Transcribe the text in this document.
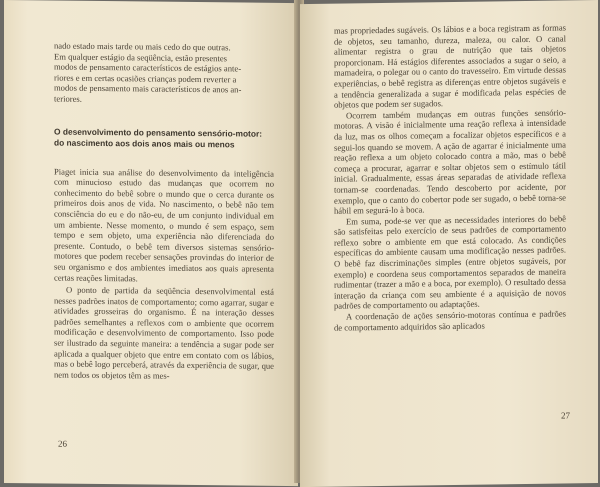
nado estado mais tarde ou mais cedo do que outras.

Em qualquer estágio da seqüência, estão presentes

modos de pensamento característicos de estágios ante-

riores e em certas ocasiões crianças podem reverter a

modos de pensamento mais característicos de anos an-

teriores.

O desenvolvimento do pensamento sensório-motor: do nascimento aos dois anos mais ou menos

Piaget inicia sua análise do desenvolvimento da inteligência com minucioso estudo das mudanças que ocorrem no conhecimento do bebê sobre o mundo que o cerca durante os primeiros dois anos de vida. No nascimento, o bebê não tem consciência do eu e do não-eu, de um conjunto individual em um ambiente. Nesse momento, o mundo é sem espaço, sem tempo e sem objeto, uma experiência não diferenciada do presente. Contudo, o bebê tem diversos sistemas sensório-motores que podem receber sensações provindas do interior de seu organismo e dos ambientes imediatos aos quais apresenta certas reações limitadas.

O ponto de partida da seqüência desenvolvimental está nesses padrões inatos de comportamento; como agarrar, sugar e atividades grosseiras do organismo. É na interação desses padrões semelhantes a reflexos com o ambiente que ocorrem modificação e desenvolvimento de comportamento. Isso pode ser ilustrado da seguinte maneira: a tendência a sugar pode ser aplicada a qualquer objeto que entre em contato com os lábios, mas o bebê logo perceberá, através da experiência de sugar, que nem todos os objetos têm as mes-

26

mas propriedades sugáveis. Os lábios e a boca registram as formas de objetos, seu tamanho, dureza, maleza, ou calor. O canal alimentar registra o grau de nutrição que tais objetos proporcionam. Há estágios diferentes associados a sugar o seio, a mamadeira, o polegar ou o canto do travesseiro. Em virtude dessas experiências, o bebê registra as diferenças entre objetos sugáveis e a tendência generalizada a sugar é modificada pelas espécies de objetos que podem ser sugados.

Ocorrem também mudanças em outras funções sensório-motoras. A visão é inicialmente uma reação reflexa à intensidade da luz, mas os olhos começam a focalizar objetos específicos e a segui-los quando se movem. A ação de agarrar é inicialmente uma reação reflexa a um objeto colocado contra a mão, mas o bebê começa a procurar, agarrar e soltar objetos sem o estímulo tátil inicial. Gradualmente, essas áreas separadas de atividade reflexa tornam-se coordenadas. Tendo descoberto por acidente, por exemplo, que o canto do cobertor pode ser sugado, o bebê torna-se hábil em segurá-lo à boca.

Em suma, pode-se ver que as necessidades interiores do bebê são satisfeitas pelo exercício de seus padrões de comportamento reflexo sobre o ambiente em que está colocado. As condições específicas do ambiente causam uma modificação nesses padrões. O bebê faz discriminações simples (entre objetos sugáveis, por exemplo) e coordena seus comportamentos separados de maneira rudimentar (trazer a mão e a boca, por exemplo). O resultado dessa interação da criança com seu ambiente é a aquisição de novos padrões de comportamento ou adaptações.

A coordenação de ações sensório-motoras contínua e padrões de comportamento adquiridos são aplicados

27
